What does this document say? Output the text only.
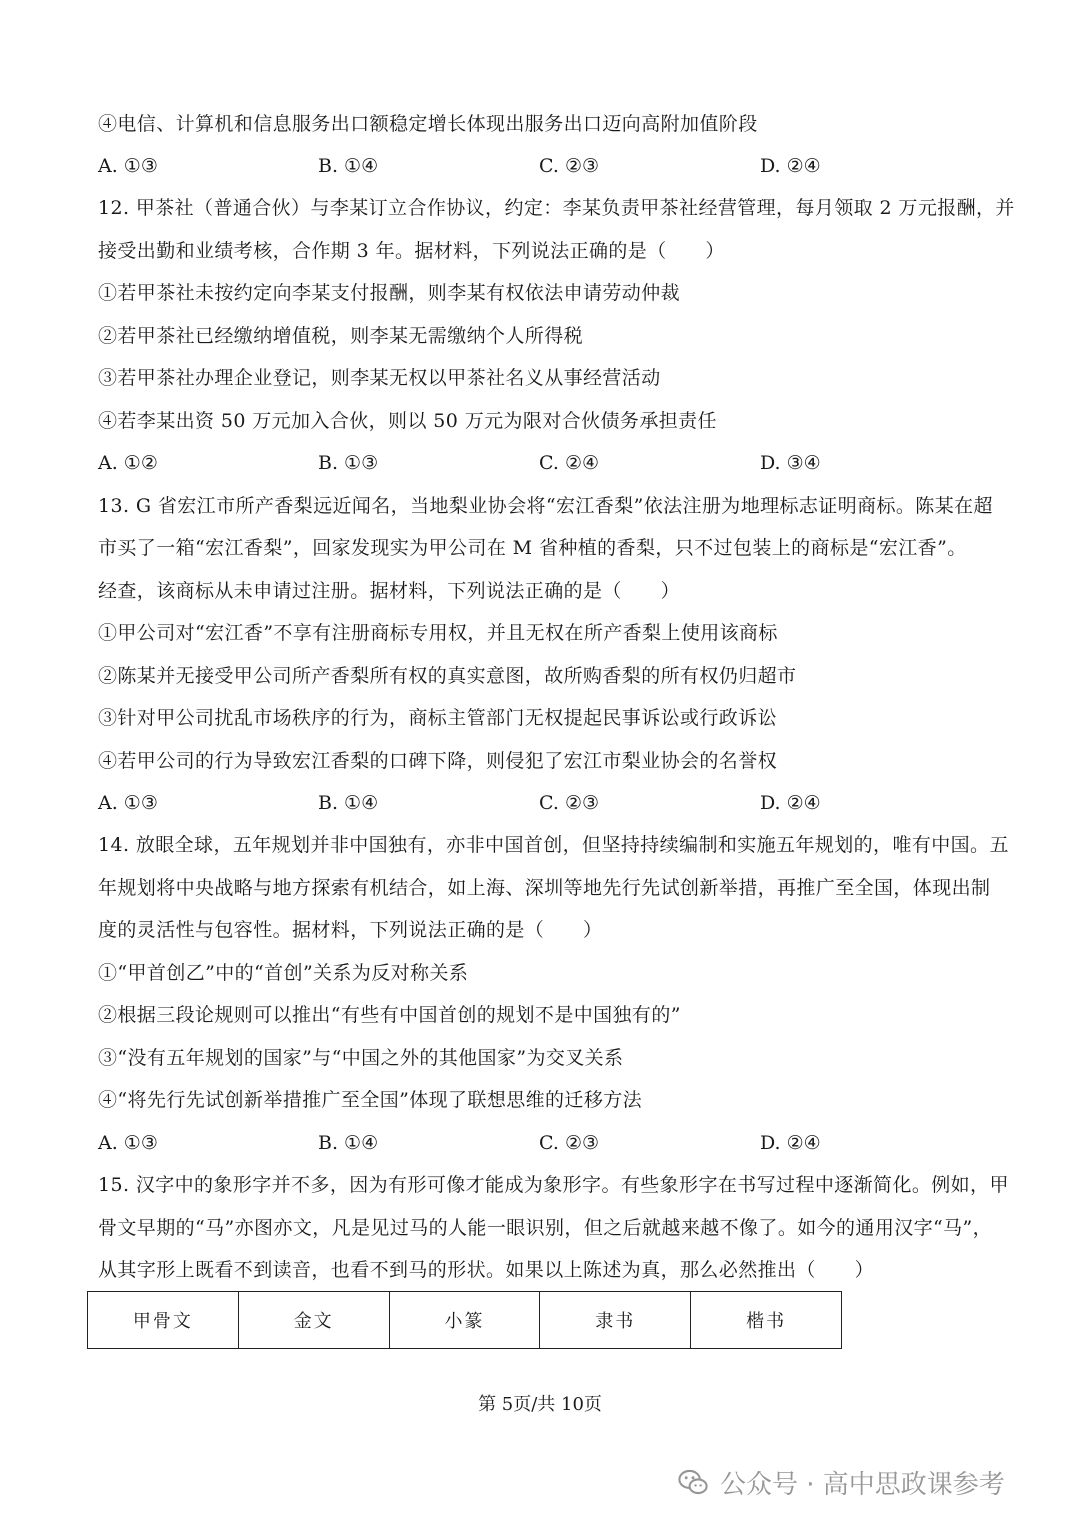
④电信、计算机和信息服务出口额稳定增长体现出服务出口迈向高附加值阶段
A. ①③	B. ①④	C. ②③	D. ②④
12. 甲茶社（普通合伙）与李某订立合作协议，约定：李某负责甲茶社经营管理，每月领取 2 万元报酬，并
接受出勤和业绩考核，合作期 3 年。据材料，下列说法正确的是（　　）
①若甲茶社未按约定向李某支付报酬，则李某有权依法申请劳动仲裁
②若甲茶社已经缴纳增值税，则李某无需缴纳个人所得税
③若甲茶社办理企业登记，则李某无权以甲茶社名义从事经营活动
④若李某出资 50 万元加入合伙，则以 50 万元为限对合伙债务承担责任
A. ①②	B. ①③	C. ②④	D. ③④
13. G 省宏江市所产香梨远近闻名，当地梨业协会将“宏江香梨”依法注册为地理标志证明商标。陈某在超
市买了一箱“宏江香梨”，回家发现实为甲公司在 M 省种植的香梨，只不过包装上的商标是“宏江香”。
经查，该商标从未申请过注册。据材料，下列说法正确的是（　　）
①甲公司对“宏江香”不享有注册商标专用权，并且无权在所产香梨上使用该商标
②陈某并无接受甲公司所产香梨所有权的真实意图，故所购香梨的所有权仍归超市
③针对甲公司扰乱市场秩序的行为，商标主管部门无权提起民事诉讼或行政诉讼
④若甲公司的行为导致宏江香梨的口碑下降，则侵犯了宏江市梨业协会的名誉权
A. ①③	B. ①④	C. ②③	D. ②④
14. 放眼全球，五年规划并非中国独有，亦非中国首创，但坚持持续编制和实施五年规划的，唯有中国。五
年规划将中央战略与地方探索有机结合，如上海、深圳等地先行先试创新举措，再推广至全国，体现出制
度的灵活性与包容性。据材料，下列说法正确的是（　　）
①“甲首创乙”中的“首创”关系为反对称关系
②根据三段论规则可以推出“有些有中国首创的规划不是中国独有的”
③“没有五年规划的国家”与“中国之外的其他国家”为交叉关系
④“将先行先试创新举措推广至全国”体现了联想思维的迁移方法
A. ①③	B. ①④	C. ②③	D. ②④
15. 汉字中的象形字并不多，因为有形可像才能成为象形字。有些象形字在书写过程中逐渐简化。例如，甲
骨文早期的“马”亦图亦文，凡是见过马的人能一眼识别，但之后就越来越不像了。如今的通用汉字“马”，
从其字形上既看不到读音，也看不到马的形状。如果以上陈述为真，那么必然推出（　　）
甲骨文	金文	小篆	隶书	楷书
第 5页/共 10页
公众号 · 高中思政课参考
